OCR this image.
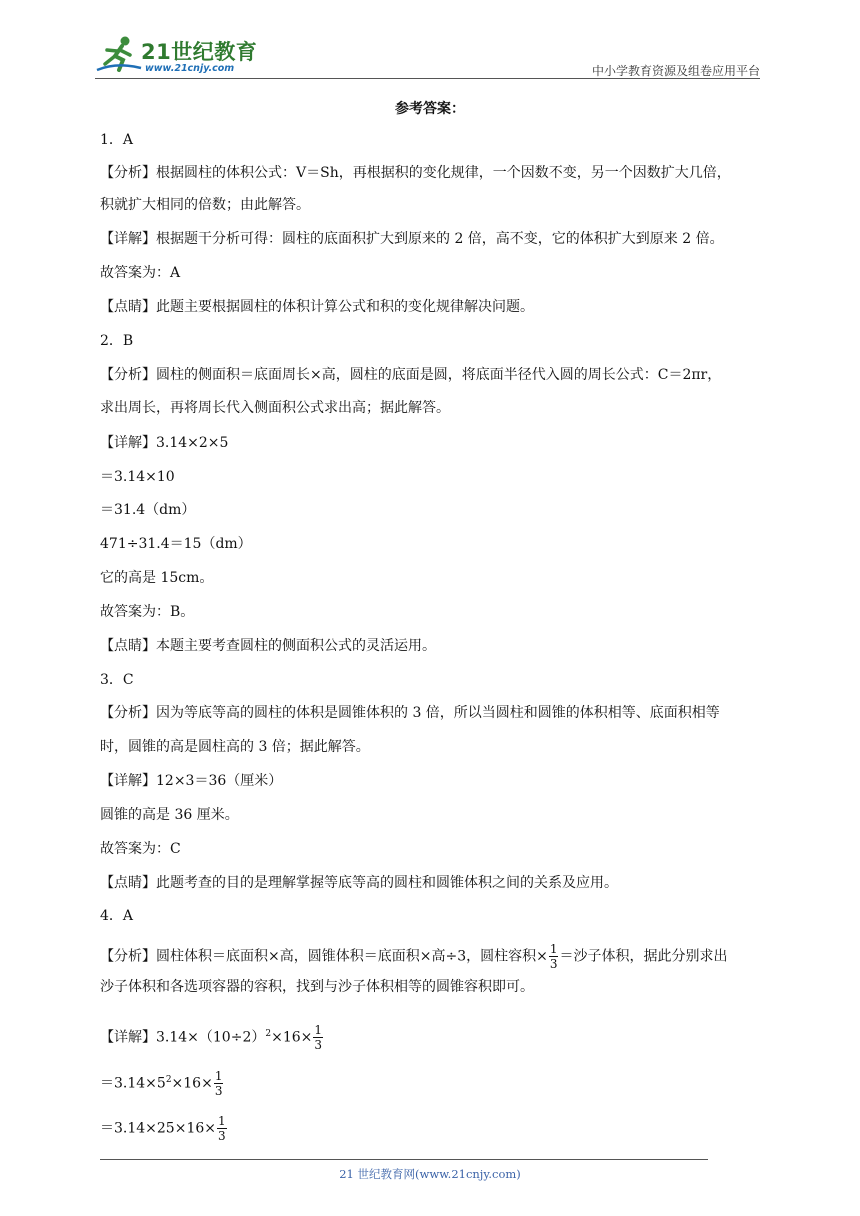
21世纪教育
www.21cnjy.com	中小学教育资源及组卷应用平台
参考答案：
1．A
【分析】根据圆柱的体积公式：V＝Sh，再根据积的变化规律，一个因数不变，另一个因数扩大几倍，
积就扩大相同的倍数；由此解答。
【详解】根据题干分析可得：圆柱的底面积扩大到原来的 2 倍，高不变，它的体积扩大到原来 2 倍。
故答案为：A
【点睛】此题主要根据圆柱的体积计算公式和积的变化规律解决问题。
2．B
【分析】圆柱的侧面积＝底面周长×高，圆柱的底面是圆，将底面半径代入圆的周长公式：C＝2πr，
求出周长，再将周长代入侧面积公式求出高；据此解答。
【详解】3.14×2×5
＝3.14×10
＝31.4（dm）
471÷31.4＝15（dm）
它的高是 15cm。
故答案为：B。
【点睛】本题主要考查圆柱的侧面积公式的灵活运用。
3．C
【分析】因为等底等高的圆柱的体积是圆锥体积的 3 倍，所以当圆柱和圆锥的体积相等、底面积相等
时，圆锥的高是圆柱高的 3 倍；据此解答。
【详解】12×3＝36（厘米）
圆锥的高是 36 厘米。
故答案为：C
【点睛】此题考查的目的是理解掌握等底等高的圆柱和圆锥体积之间的关系及应用。
4．A
【分析】圆柱体积＝底面积×高，圆锥体积＝底面积×高÷3，圆柱容积× $\frac{1}{3}$ ＝沙子体积，据此分别求出
沙子体积和各选项容器的容积，找到与沙子体积相等的圆锥容积即可。
【详解】$3.14\times(10\div 2)^2\times 16\times \frac{1}{3}$
$=3.14\times 5^2\times 16\times \frac{1}{3}$
$=3.14\times 25\times 16\times \frac{1}{3}$
21 世纪教育网(www.21cnjy.com)
